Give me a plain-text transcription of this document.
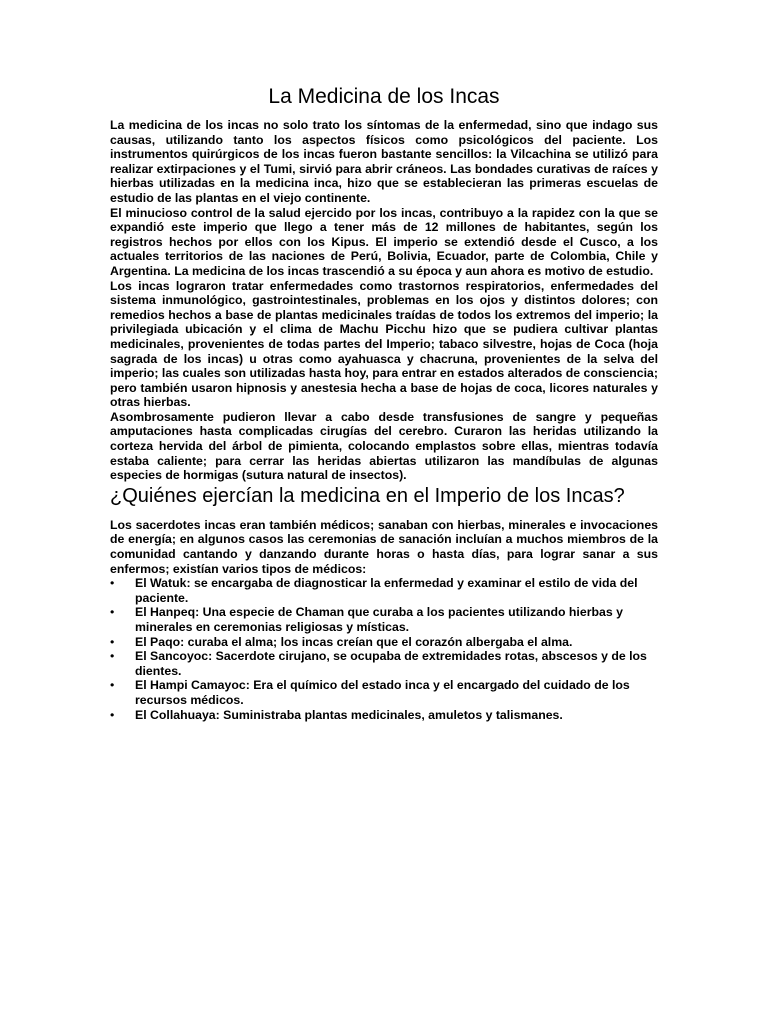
La Medicina de los Incas

La medicina de los incas no solo trato los síntomas de la enfermedad, sino que indago sus causas, utilizando tanto los aspectos físicos como psicológicos del paciente. Los instrumentos quirúrgicos de los incas fueron bastante sencillos: la Vilcachina se utilizó para realizar extirpaciones y el Tumi, sirvió para abrir cráneos. Las bondades curativas de raíces y hierbas utilizadas en la medicina inca, hizo que se establecieran las primeras escuelas de estudio de las plantas en el viejo continente.

El minucioso control de la salud ejercido por los incas, contribuyo a la rapidez con la que se expandió este imperio que llego a tener más de 12 millones de habitantes, según los registros hechos por ellos con los Kipus. El imperio se extendió desde el Cusco, a los actuales territorios de las naciones de Perú, Bolivia, Ecuador, parte de Colombia, Chile y Argentina. La medicina de los incas trascendió a su época y aun ahora es motivo de estudio.

Los incas lograron tratar enfermedades como trastornos respiratorios, enfermedades del sistema inmunológico, gastrointestinales, problemas en los ojos y distintos dolores; con remedios hechos a base de plantas medicinales traídas de todos los extremos del imperio; la privilegiada ubicación y el clima de Machu Picchu hizo que se pudiera cultivar plantas medicinales, provenientes de todas partes del Imperio; tabaco silvestre, hojas de Coca (hoja sagrada de los incas) u otras como ayahuasca y chacruna, provenientes de la selva del imperio; las cuales son utilizadas hasta hoy, para entrar en estados alterados de consciencia; pero también usaron hipnosis y anestesia hecha a base de hojas de coca, licores naturales y otras hierbas.

Asombrosamente pudieron llevar a cabo desde transfusiones de sangre y pequeñas amputaciones hasta complicadas cirugías del cerebro. Curaron las heridas utilizando la corteza hervida del árbol de pimienta, colocando emplastos sobre ellas, mientras todavía estaba caliente; para cerrar las heridas abiertas utilizaron las mandíbulas de algunas especies de hormigas (sutura natural de insectos).

¿Quiénes ejercían la medicina en el Imperio de los Incas?

Los sacerdotes incas eran también médicos; sanaban con hierbas, minerales e invocaciones de energía; en algunos casos las ceremonias de sanación incluían a muchos miembros de la comunidad cantando y danzando durante horas o hasta días, para lograr sanar a sus enfermos; existían varios tipos de médicos:

• El Watuk: se encargaba de diagnosticar la enfermedad y examinar el estilo de vida del paciente.
• El Hanpeq: Una especie de Chaman que curaba a los pacientes utilizando hierbas y minerales en ceremonias religiosas y místicas.
• El Paqo: curaba el alma; los incas creían que el corazón albergaba el alma.
• El Sancoyoc: Sacerdote cirujano, se ocupaba de extremidades rotas, abscesos y de los dientes.
• El Hampi Camayoc: Era el químico del estado inca y el encargado del cuidado de los recursos médicos.
• El Collahuaya: Suministraba plantas medicinales, amuletos y talismanes.
